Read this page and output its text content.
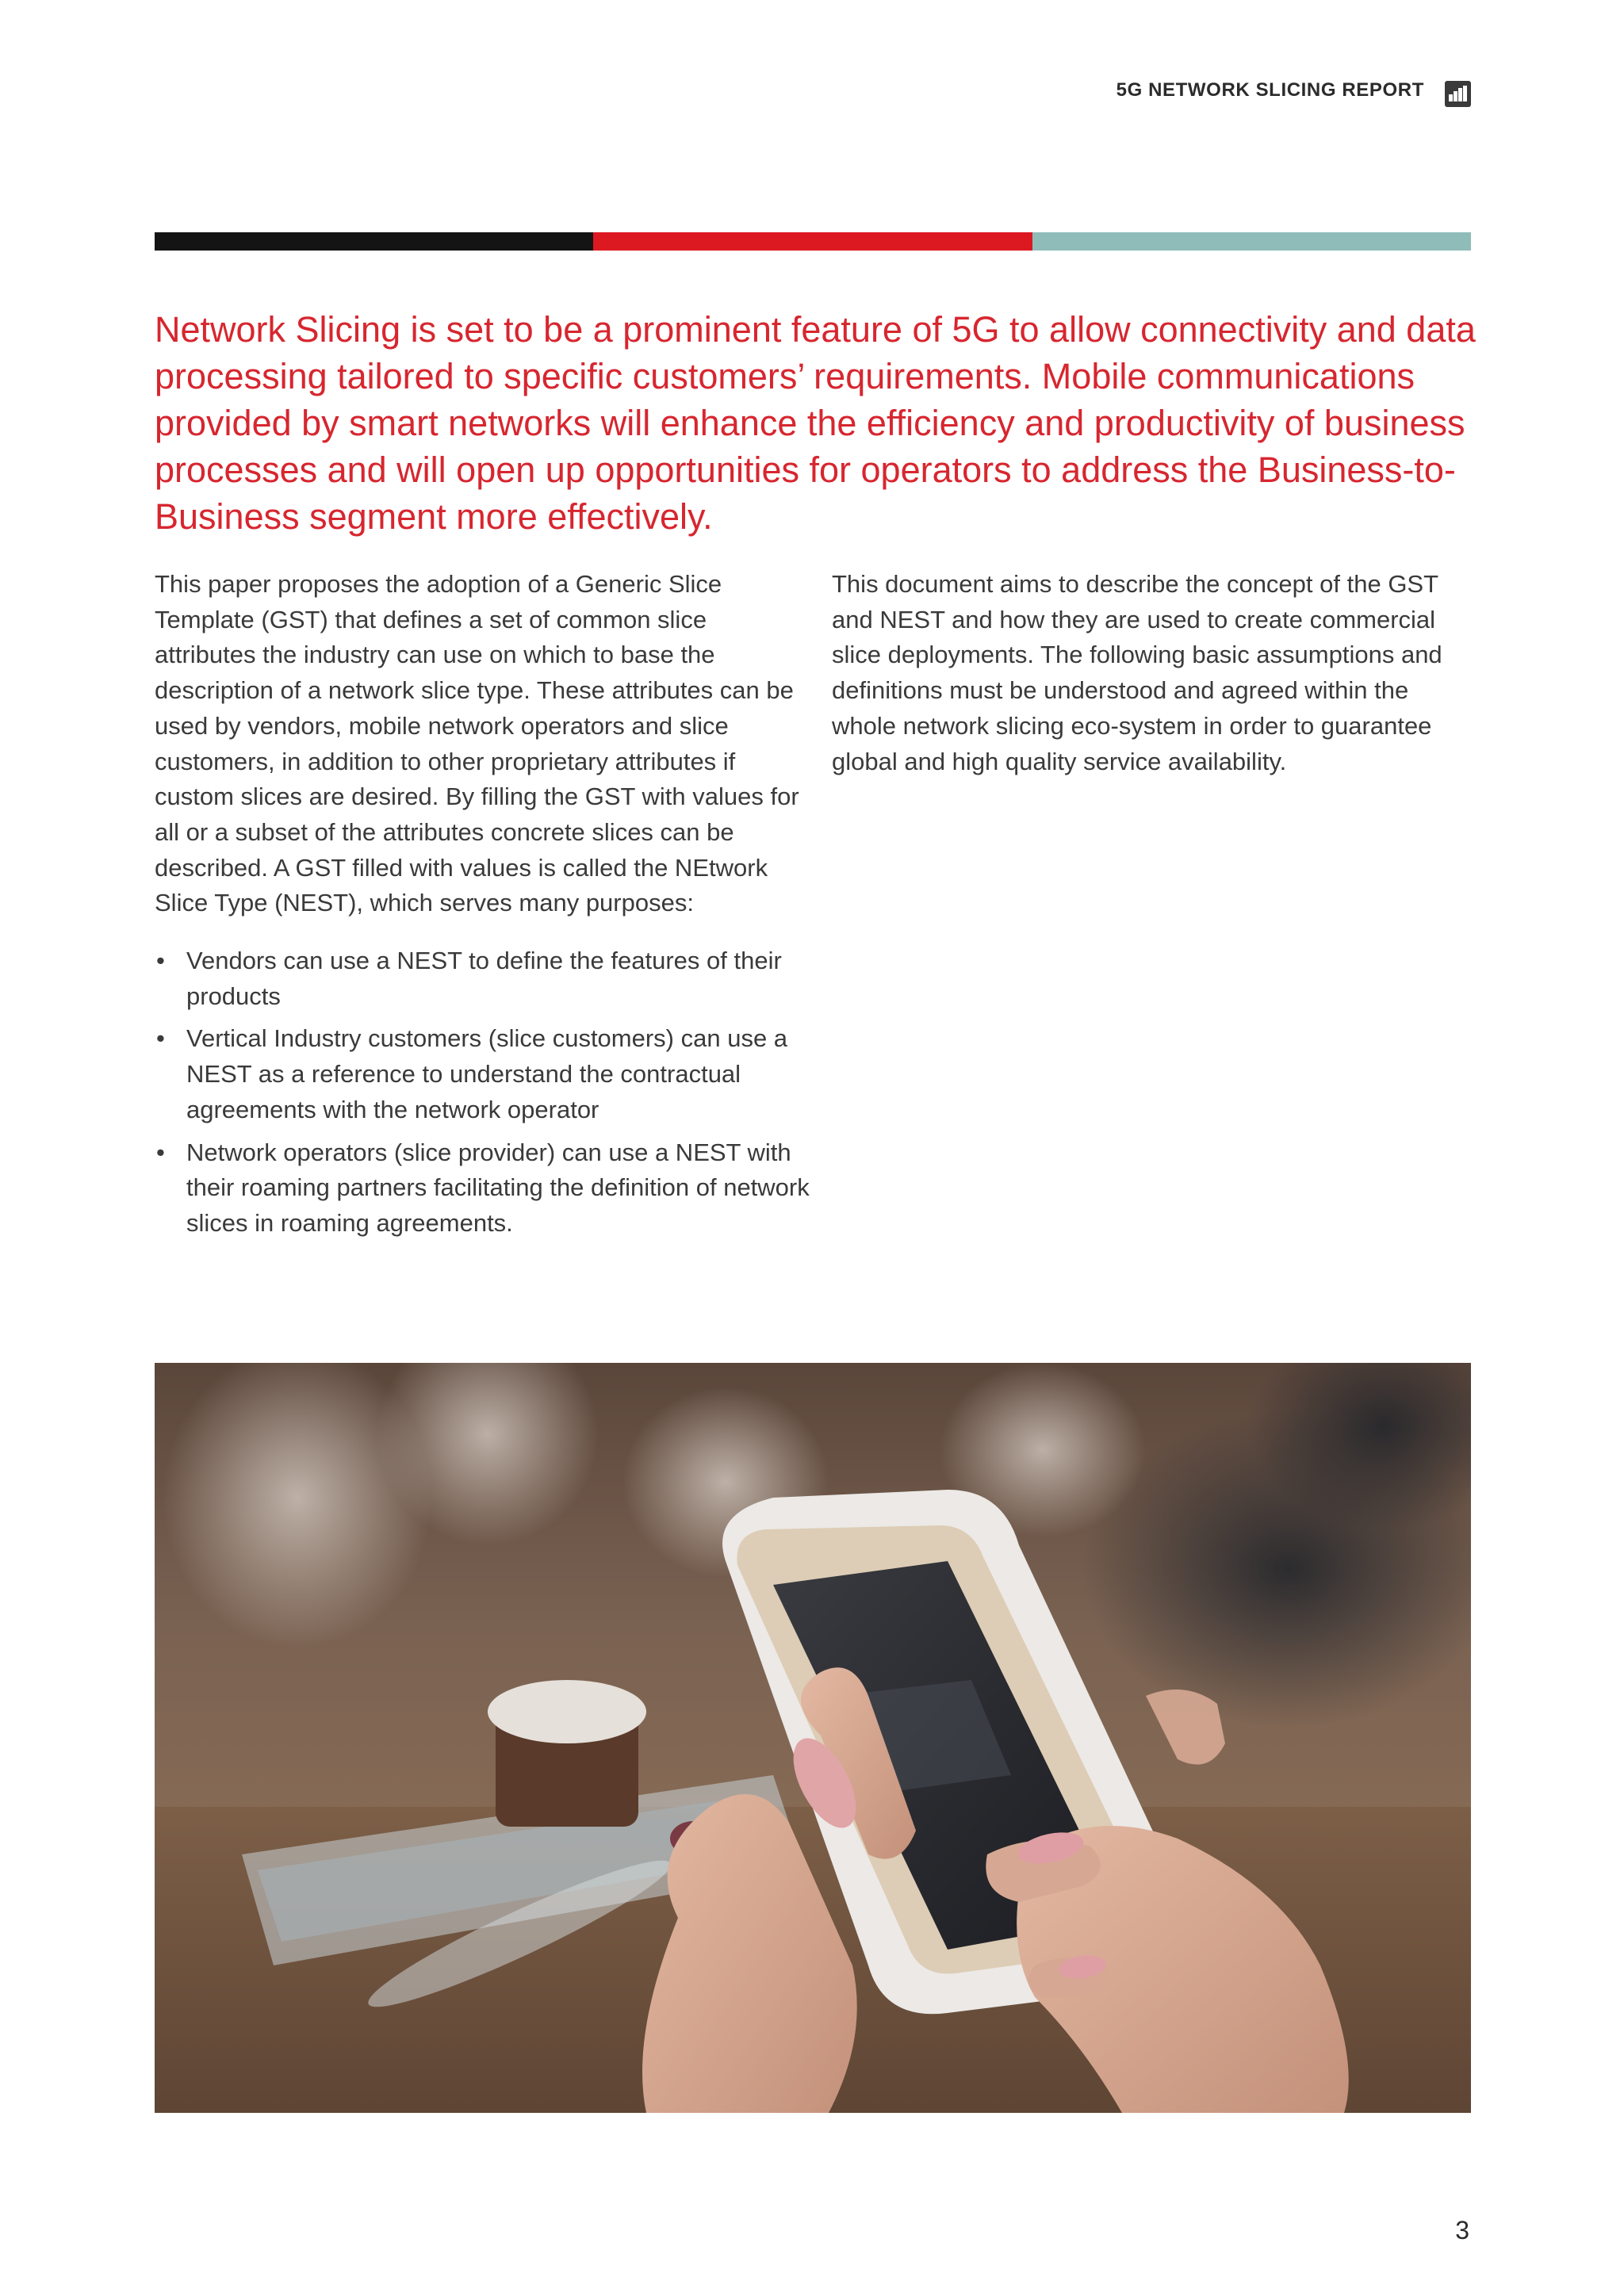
5G NETWORK SLICING REPORT

Network Slicing is set to be a prominent feature of 5G to allow connectivity and data processing tailored to specific customers’ requirements. Mobile communications provided by smart networks will enhance the efficiency and productivity of business processes and will open up opportunities for operators to address the Business-to-Business segment more effectively.

This paper proposes the adoption of a Generic Slice Template (GST) that defines a set of common slice attributes the industry can use on which to base the description of a network slice type. These attributes can be used by vendors, mobile network operators and slice customers, in addition to other proprietary attributes if custom slices are desired. By filling the GST with values for all or a subset of the attributes concrete slices can be described. A GST filled with values is called the NEtwork Slice Type (NEST), which serves many purposes:

• Vendors can use a NEST to define the features of their products
• Vertical Industry customers (slice customers) can use a NEST as a reference to understand the contractual agreements with the network operator
• Network operators (slice provider) can use a NEST with their roaming partners facilitating the definition of network slices in roaming agreements.

This document aims to describe the concept of the GST and NEST and how they are used to create commercial slice deployments. The following basic assumptions and definitions must be understood and agreed within the whole network slicing eco-system in order to guarantee global and high quality service availability.

3
